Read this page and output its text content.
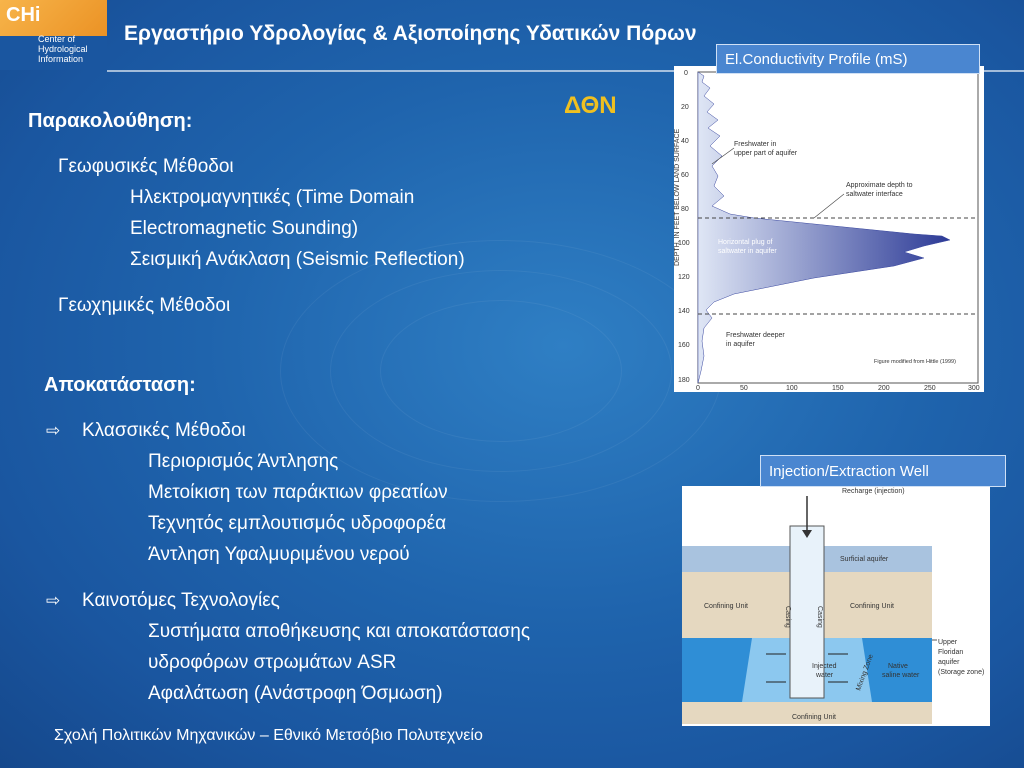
CHi
Center of
Hydrological
Information
Εργαστήριο Υδρολογίας & Αξιοποίησης Υδατικών Πόρων
ΔΘΝ
Παρακολούθηση:
Γεωφυσικές Μέθοδοι
Ηλεκτρομαγνητικές (Time Domain
Electromagnetic Sounding)
Σεισμική Ανάκλαση (Seismic Reflection)
Γεωχημικές Μέθοδοι
Αποκατάσταση:
⇨ Κλασσικές Μέθοδοι
Περιορισμός Άντλησης
Μετοίκιση των παράκτιων φρεατίων
Τεχνητός εμπλουτισμός υδροφορέα
Άντληση Υφαλμυριμένου νερού
⇨ Καινοτόμες Τεχνολογίες
Συστήματα αποθήκευσης και αποκατάστασης
υδροφόρων στρωμάτων ASR
Αφαλάτωση (Ανάστροφη Όσμωση)
DEPTH, IN FEET BELOW LAND SURFACE
0
20
40
60
80
100
120
140
160
180
0	50	100	150	200	250	300
Freshwater in
upper part of aquifer
Approximate depth to
saltwater interface
Horizontal plug of
saltwater in aquifer
Freshwater deeper
in aquifer
Figure modified from Hittle (1999)
El.Conductivity Profile (mS)
Recharge (injection)
Surficial aquifer
Confining Unit	Confining Unit
Casing	Casing
Injected
water	Mixing Zone Native
saline water
Confining Unit
Upper
Floridan
aquifer
(Storage zone)
Injection/Extraction Well
Σχολή Πολιτικών Μηχανικών – Εθνικό Μετσόβιο Πολυτεχνείο
